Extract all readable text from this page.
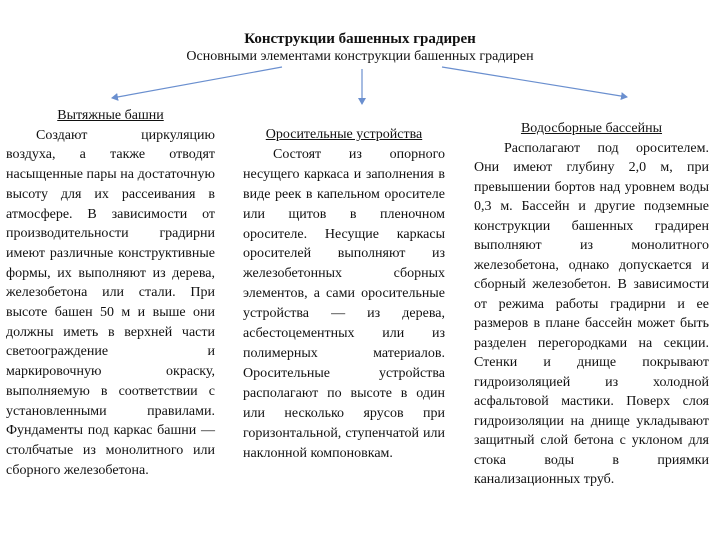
Конструкции башенных градирен
Основными элементами конструкции башенных градирен
Вытяжные башни

Создают циркуляцию воздуха, а также отводят насыщенные пары на достаточную высоту для их рассеивания в атмосфере. В зависимости от производительности градирни имеют различные конструктивные формы, их выполняют из дерева, железобетона или стали. При высоте башен 50 м и выше они должны иметь в верхней части светоограждение и маркировочную окраску, выполняемую в соответствии с установленными правилами. Фундаменты под каркас башни — столбчатые из монолитного или сборного железобетона.

Оросительные устройства

Состоят из опорного несущего каркаса и заполнения в виде реек в капельном оросителе или щитов в пленочном оросителе. Несущие каркасы оросителей выполняют из железобетонных сборных элементов, а сами оросительные устройства — из дерева, асбестоцементных или из полимерных материалов. Оросительные устройства располагают по высоте в один или несколько ярусов при горизонтальной, ступенчатой или наклонной компоновкам.

Водосборные бассейны

Располагают под оросителем. Они имеют глубину 2,0 м, при превышении бортов над уровнем воды 0,3 м. Бассейн и другие подземные конструкции башенных градирен выполняют из монолитного железобетона, однако допускается и сборный железобетон. В зависимости от режима работы градирни и ее размеров в плане бассейн может быть разделен перегородками на секции. Стенки и днище покрывают гидроизоляцией из холодной асфальтовой мастики. Поверх слоя гидроизоляции на днище укладывают защитный слой бетона с уклоном для стока воды в приямки канализационных труб.
